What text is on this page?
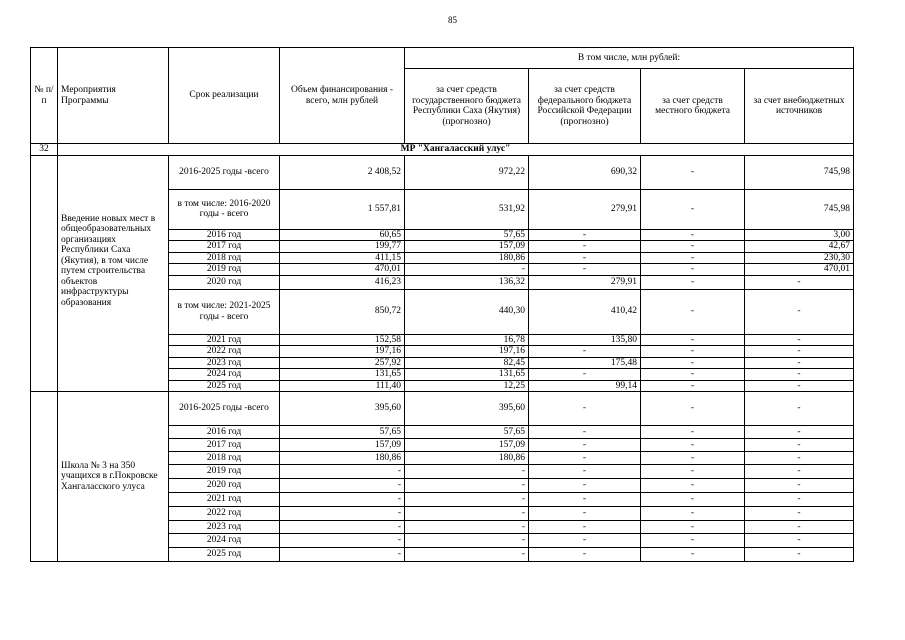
85
№ п/п	Мероприятия Программы	Срок реализации	Объем финансирования - всего, млн рублей	В том числе, млн рублей:			
				за счет средств государственного бюджета Республики Саха (Якутия) (прогнозно)	за счет средств федерального бюджета Российской Федерации (прогнозно)	за счет средств местного бюджета	за счет внебюджетных источников
32	МР "Хангаласский улус"						
	Введение новых мест в общеобразовательных организациях Республики Саха (Якутия), в том числе путем строительства объектов инфраструктуры образования	2016-2025 годы -всего	2 408,52	972,22	690,32	-	745,98
		в том числе: 2016-2020 годы - всего	1 557,81	531,92	279,91	-	745,98
		2016 год	60,65	57,65	-	-	3,00
		2017 год	199,77	157,09	-	-	42,67
		2018 год	411,15	180,86	-	-	230,30
		2019 год	470,01	-	-	-	470,01
		2020 год	416,23	136,32	279,91	-	-
		в том числе: 2021-2025 годы - всего	850,72	440,30	410,42	-	-
		2021 год	152,58	16,78	135,80	-	-
		2022 год	197,16	197,16	-	-	-
		2023 год	257,92	82,45	175,48	-	-
		2024 год	131,65	131,65	-	-	-
		2025 год	111,40	12,25	99,14	-	-
	Школа № 3 на 350 учащихся в г.Покровске Хангаласского улуса	2016-2025 годы -всего	395,60	395,60	-	-	-
		2016 год	57,65	57,65	-	-	-
		2017 год	157,09	157,09	-	-	-
		2018 год	180,86	180,86	-	-	-
		2019 год	-	-	-	-	-
		2020 год	-	-	-	-	-
		2021 год	-	-	-	-	-
		2022 год	-	-	-	-	-
		2023 год	-	-	-	-	-
		2024 год	-	-	-	-	-
		2025 год	-	-	-	-	-
